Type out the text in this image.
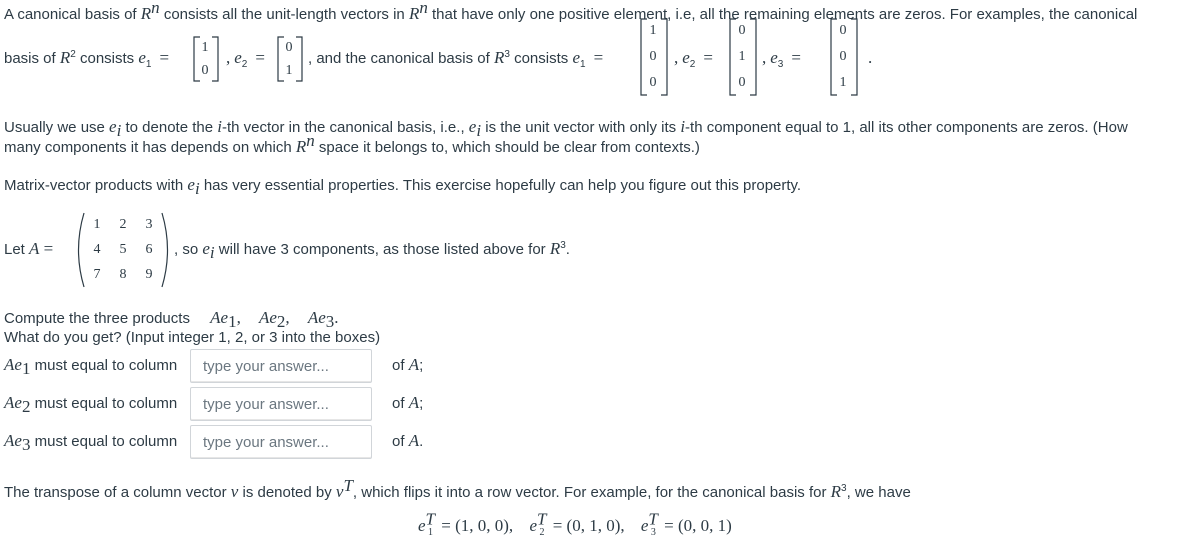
A canonical basis of $R^n$ consists all the unit-length vectors in $R^n$ that have only one positive element, i.e, all the remaining elements are zeros. For examples, the canonical
basis of $R^2$ consists $e_1$ =
1
0
, $e_2$ =
0
1
, and the canonical basis of $R^3$ consists $e_1$ =
1
0
0
, $e_2$ =
0
1
0
, $e_3$ =
0
0
1
.
Usually we use $e_i$ to denote the i-th vector in the canonical basis, i.e., $e_i$ is the unit vector with only its i-th component equal to 1, all its other components are zeros. (How
many components it has depends on which $R^n$ space it belongs to, which should be clear from contexts.)
Matrix-vector products with $e_i$ has very essential properties. This exercise hopefully can help you figure out this property.
Let A =
1 2 3
4 5 6
7 8 9
, so $e_i$ will have 3 components, as those listed above for $R^3$.
Compute the three products $Ae_1$, $Ae_2$, $Ae_3$.
What do you get? (Input integer 1, 2, or 3 into the boxes)
$Ae_1$ must equal to column
type your answer...	of A;
$Ae_2$ must equal to column
type your answer...	of A;
$Ae_3$ must equal to column
type your answer...	of A.
The transpose of a column vector v is denoted by $v^T$, which flips it into a row vector. For example, for the canonical basis for $R^3$, we have
$e^T_1 = (1$, 0, 0), $e^T_2 = (0$, 1, 0), $e^T_3 = (0$, 0, 1)
